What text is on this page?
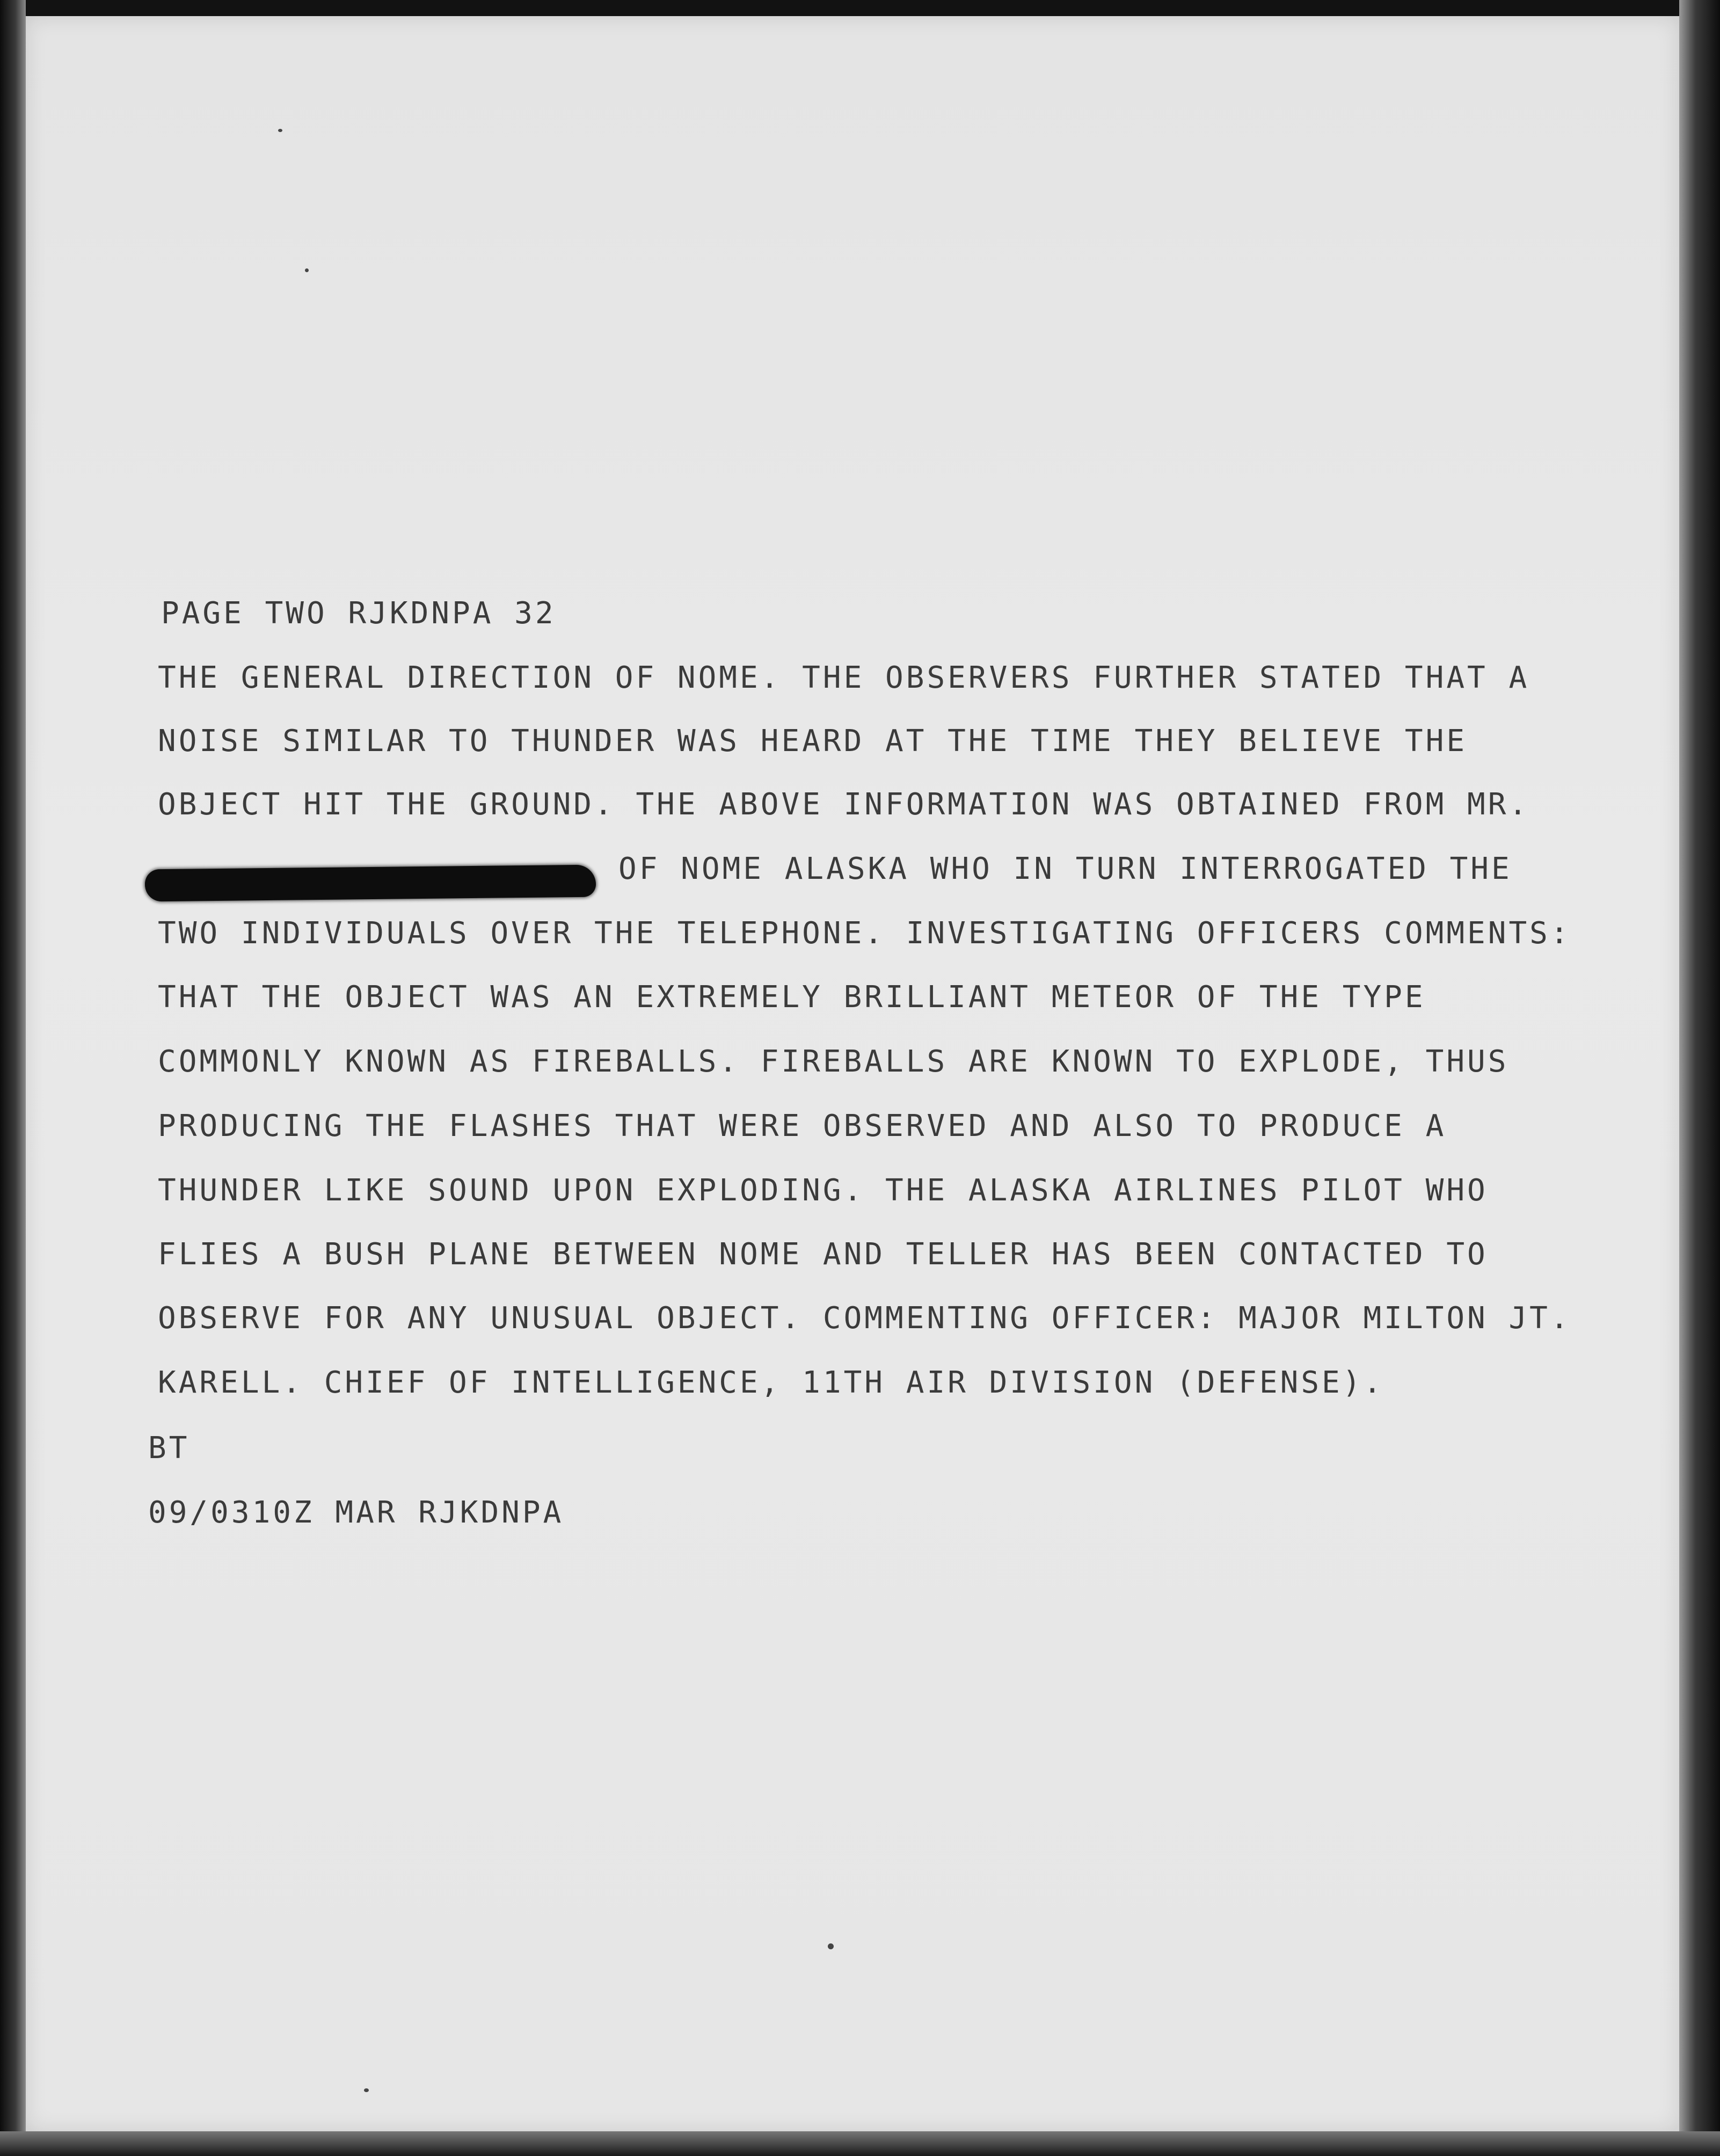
PAGE TWO RJKDNPA 32

THE GENERAL DIRECTION OF NOME. THE OBSERVERS FURTHER STATED THAT A

NOISE SIMILAR TO THUNDER WAS HEARD AT THE TIME THEY BELIEVE THE

OBJECT HIT THE GROUND. THE ABOVE INFORMATION WAS OBTAINED FROM MR.

OF NOME ALASKA WHO IN TURN INTERROGATED THE

TWO INDIVIDUALS OVER THE TELEPHONE. INVESTIGATING OFFICERS COMMENTS:

THAT THE OBJECT WAS AN EXTREMELY BRILLIANT METEOR OF THE TYPE

COMMONLY KNOWN AS FIREBALLS. FIREBALLS ARE KNOWN TO EXPLODE, THUS

PRODUCING THE FLASHES THAT WERE OBSERVED AND ALSO TO PRODUCE A

THUNDER LIKE SOUND UPON EXPLODING. THE ALASKA AIRLINES PILOT WHO

FLIES A BUSH PLANE BETWEEN NOME AND TELLER HAS BEEN CONTACTED TO

OBSERVE FOR ANY UNUSUAL OBJECT. COMMENTING OFFICER: MAJOR MILTON JT.

KARELL. CHIEF OF INTELLIGENCE, 11TH AIR DIVISION (DEFENSE).

BT

09/0310Z MAR RJKDNPA
